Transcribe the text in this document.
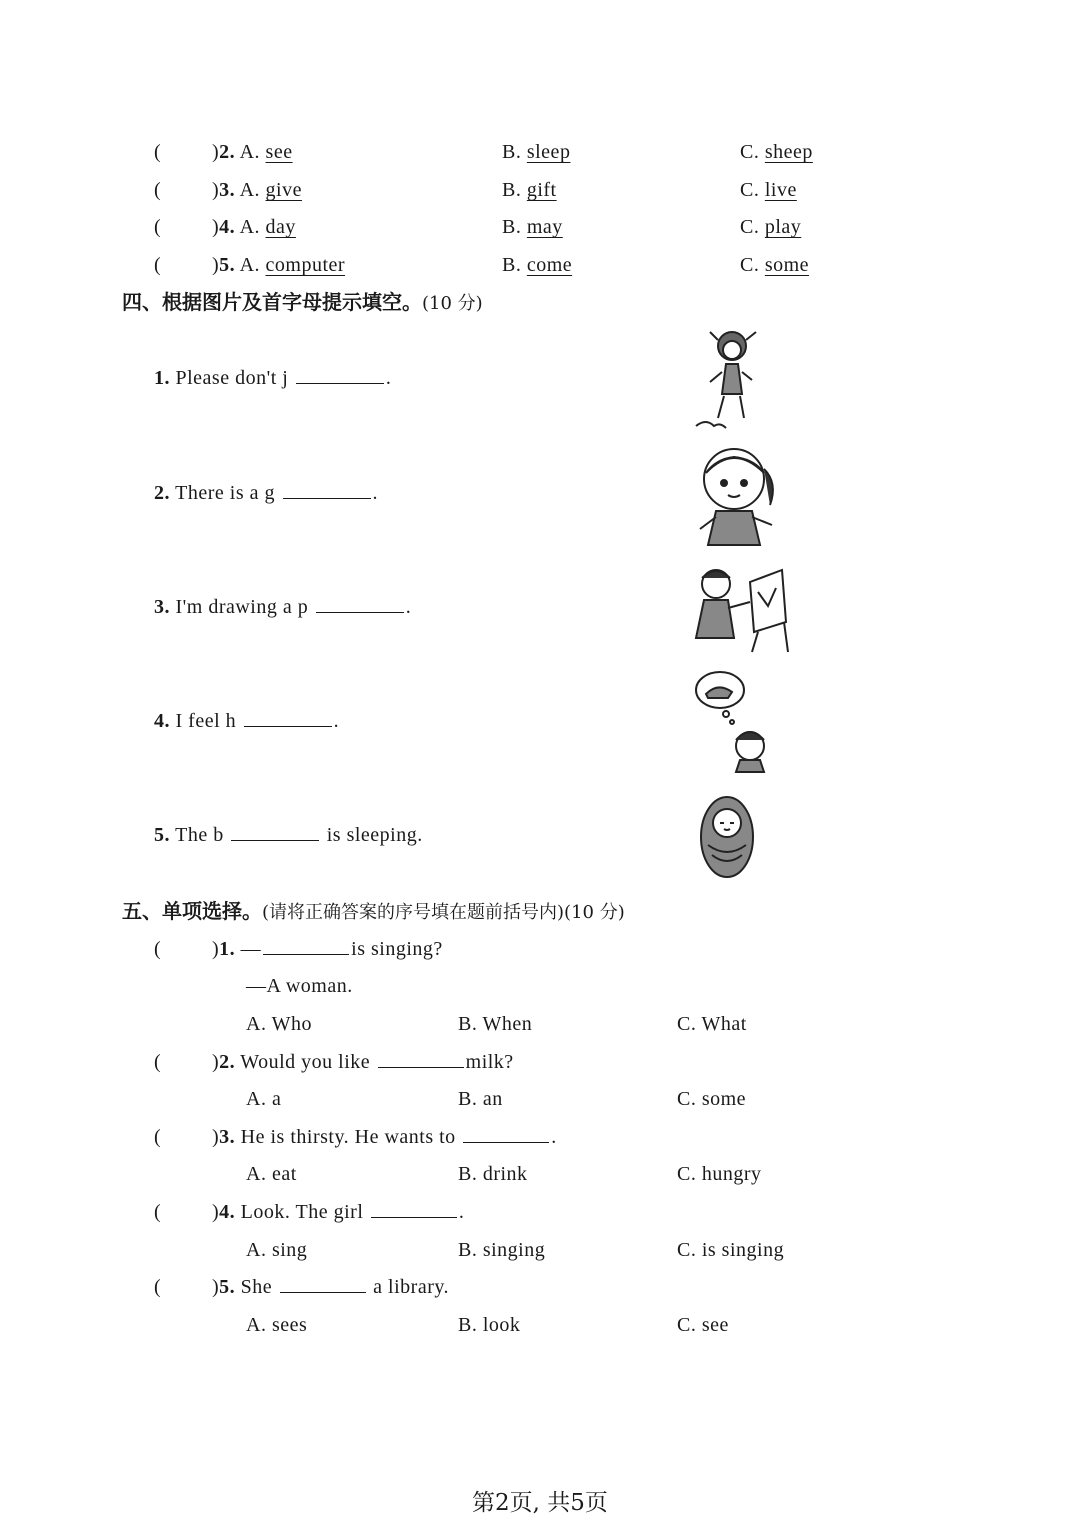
(	)2. A. see	B. sleep	C. sheep
(	)3. A. give	B. gift	C. live
(	)4. A. day	B. may	C. play
(	)5. A. computer	B. come	C. some
四、根据图片及首字母提示填空。(10 分)
1. Please don't j	.
2. There is a g	.
3. I'm drawing a p	.
4. I feel h	.
5. The b	is sleeping.
五、单项选择。(请将正确答案的序号填在题前括号内)(10 分)
(	)1. —	is singing?
—A woman.
A. Who	B. When	C. What
(	)2. Would you like	milk?
A. a	B. an	C. some
(	)3. He is thirsty. He wants to	.
A. eat	B. drink	C. hungry
(	)4. Look. The girl	.
A. sing	B. singing	C. is singing
(	)5. She	a library.
A. sees	B. look	C. see
第2页, 共5页
